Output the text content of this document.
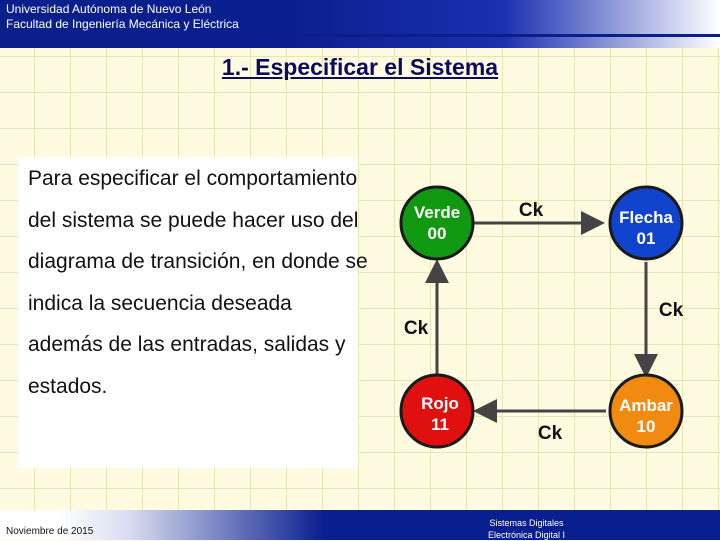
Universidad Autónoma de Nuevo León
Facultad de Ingeniería Mecánica y Eléctrica
1.- Especificar el Sistema
Para especificar el comportamiento del sistema se puede hacer uso del diagrama de transición, en donde se indica la secuencia deseada además de las entradas, salidas y estados.
Verde
00
Flecha
01
Ambar
10
Rojo
11
Ck
Ck
Ck
Ck
Noviembre de 2015
Sistemas Digitales
Electrónica Digital I
